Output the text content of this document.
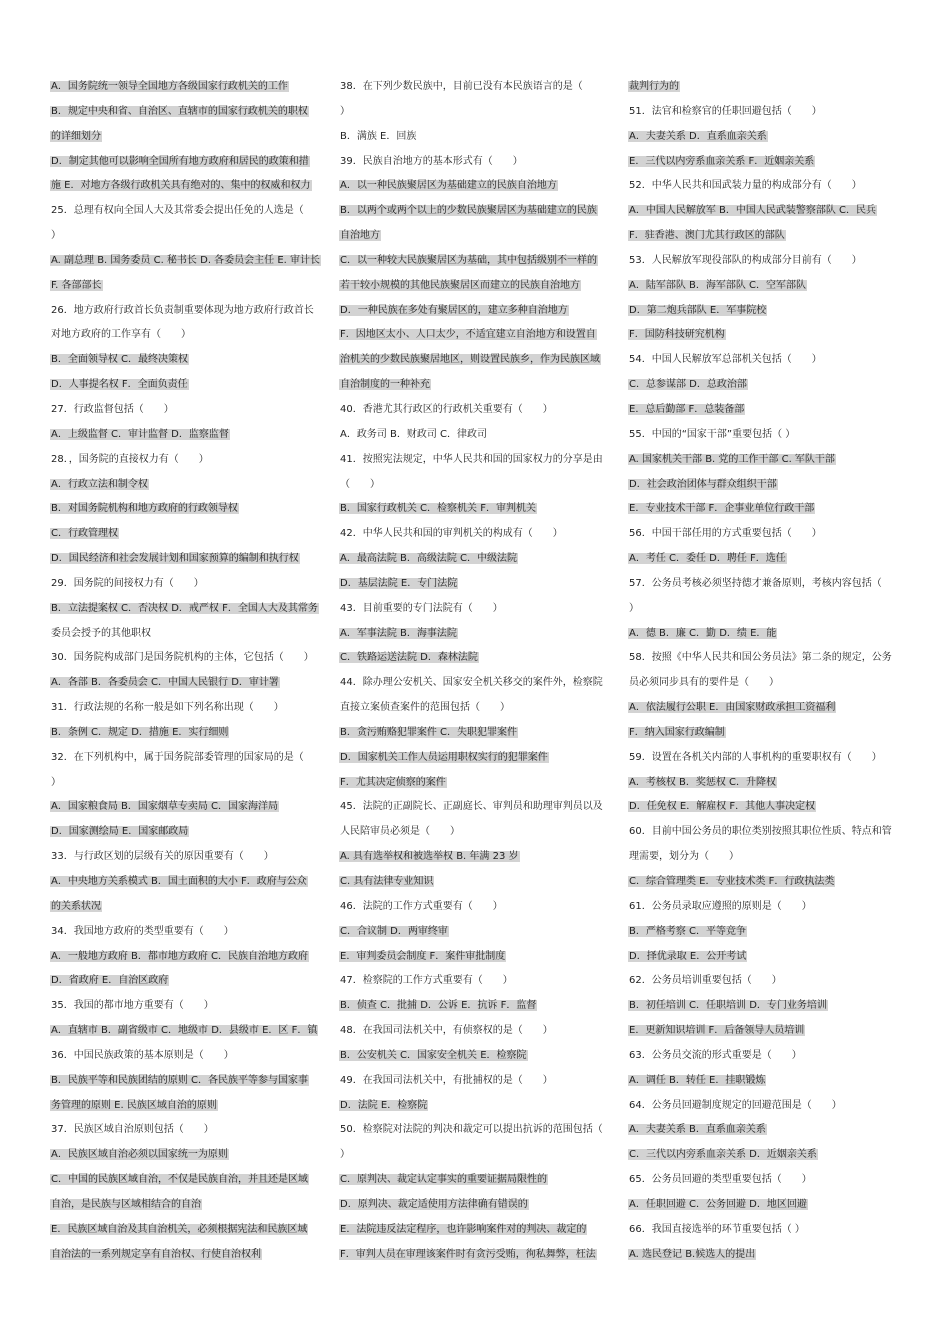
A．国务院统一领导全国地方各级国家行政机关的工作
B．规定中央和省、自治区、直辖市的国家行政机关的职权
的详细划分
D．制定其他可以影响全国所有地方政府和居民的政策和措
施 E．对地方各级行政机关具有绝对的、集中的权威和权力
25．总理有权向全国人大及其常委会提出任免的人选是（
）
A. 副总理 B. 国务委员 C. 秘书长 D. 各委员会主任 E. 审计长
F. 各部部长
26．地方政府行政首长负责制重要体现为地方政府行政首长
对地方政府的工作享有（　　）
B．全面领导权 C．最终决策权
D．人事提名权 F．全面负责任
27．行政监督包括（　　）
A．上级监督 C．审计监督 D．监察监督
28．，国务院的直接权力有（　　）
A．行政立法和制令权
B．对国务院机构和地方政府的行政领导权
C．行政管理权
D．国民经济和社会发展计划和国家预算的编制和执行权
29．国务院的间接权力有（　　）
B．立法提案权 C．否决权 D．戒严权 F．全国人大及其常务
委员会授予的其他职权
30．国务院构成部门是国务院机构的主体，它包括（　　）
A．各部 B．各委员会 C．中国人民银行 D．审计署
31．行政法规的名称一般是如下列名称出现（　　）
B．条例 C．规定 D．措施 E．实行细则
32．在下列机构中，属于国务院部委管理的国家局的是（
）
A．国家粮食局 B．国家烟草专卖局 C．国家海洋局
D．国家测绘局 E．国家邮政局
33．与行政区划的层级有关的原因重要有（　　）
A．中央地方关系模式 B．国土面积的大小 F．政府与公众
的关系状况
34．我国地方政府的类型重要有（　　）
A．一般地方政府 B．都市地方政府 C．民族自治地方政府
D．省政府 E．自治区政府
35．我国的都市地方重要有（　　）
A．直辖市 B．副省级市 C．地级市 D．县级市 E．区 F．镇
36．中国民族政策的基本原则是（　　）
B．民族平等和民族团结的原则 C．各民族平等参与国家事
务管理的原则 E. 民族区域自治的原则
37．民族区域自治原则包括（　　）
A．民族区域自治必须以国家统一为原则
C．中国的民族区域自治，不仅是民族自治，并且还是区域
自治，是民族与区域相结合的自治
E．民族区域自治及其自治机关，必须根据宪法和民族区域
自治法的一系列规定享有自治权、行使自治权利
38．在下列少数民族中，目前已没有本民族语言的是（
）
B．满族 E．回族
39．民族自治地方的基本形式有（　　）
A．以一种民族聚居区为基础建立的民族自治地方
B．以两个或两个以上的少数民族聚居区为基础建立的民族
自治地方
C．以一种较大民族聚居区为基础，其中包括级别不一样的
若干较小规模的其他民族聚居区而建立的民族自治地方
D．一种民族在多处有聚居区的，建立多种自治地方
F．因地区太小、人口太少，不适宜建立自治地方和设置自
治机关的少数民族聚居地区，则设置民族乡，作为民族区域
自治制度的一种补充
40．香港尤其行政区的行政机关重要有（　　）
A．政务司 B．财政司 C．律政司
41．按照宪法规定，中华人民共和国的国家权力的分享是由
（　　）
B．国家行政机关 C．检察机关 F．审判机关
42．中华人民共和国的审判机关的构成有（　　）
A．最高法院 B．高级法院 C．中级法院
D．基层法院 E．专门法院
43．目前重要的专门法院有（　　）
A．军事法院 B．海事法院
C．铁路运送法院 D．森林法院
44．除办理公安机关、国家安全机关移交的案件外，检察院
直接立案侦查案件的范围包括（　　）
B．贪污贿赂犯罪案件 C．失职犯罪案件
D．国家机关工作人员运用职权实行的犯罪案件
F．尤其决定侦察的案件
45．法院的正副院长、正副庭长、审判员和助理审判员以及
人民陪审员必须是（　　）
A. 具有选举权和被选举权 B. 年满 23 岁
C. 具有法律专业知识
46．法院的工作方式重要有（　　）
C．合议制 D．两审终审
E．审判委员会制度 F．案件审批制度
47．检察院的工作方式重要有（　　）
B．侦查 C．批捕 D．公诉 E．抗诉 F．监督
48．在我国司法机关中，有侦察权的是（　　）
B．公安机关 C．国家安全机关 E．检察院
49．在我国司法机关中，有批捕权的是（　　）
D．法院 E．检察院
50．检察院对法院的判决和裁定可以提出抗诉的范围包括（
）
C．原判决、裁定认定事实的重要证据局限性的
D．原判决、裁定适使用方法律确有错误的
E．法院违反法定程序，也许影响案件对的判决、裁定的
F．审判人员在审理该案件时有贪污受贿，徇私舞弊，枉法
裁判行为的
51．法官和检察官的任职回避包括（　　）
A．夫妻关系 D．直系血亲关系
E．三代以内旁系血亲关系 F．近姻亲关系
52．中华人民共和国武装力量的构成部分有（　　）
A．中国人民解放军 B．中国人民武装警察部队 C．民兵
F．驻香港、澳门尤其行政区的部队
53．人民解放军现役部队的构成部分目前有（　　）
A．陆军部队 B．海军部队 C．空军部队
D．第二炮兵部队 E．军事院校
F．国防科技研究机构
54．中国人民解放军总部机关包括（　　）
C．总参谋部 D．总政治部
E．总后勤部 F．总装备部
55．中国的“国家干部”重要包括（ ）
A. 国家机关干部 B. 党的工作干部 C. 军队干部
D．社会政治团体与群众组织干部
E．专业技术干部 F．企事业单位行政干部
56．中国干部任用的方式重要包括（　　）
A．考任 C．委任 D．聘任 F．选任
57．公务员考核必须坚持德才兼备原则，考核内容包括（
）
A．德 B．廉 C．勤 D．绩 E．能
58．按照《中华人民共和国公务员法》第二条的规定，公务
员必须同步具有的要件是（　　）
A．依法履行公职 E．由国家财政承担工资福利
F．纳入国家行政编制
59．设置在各机关内部的人事机构的重要职权有（　　）
A．考核权 B．奖惩权 C．升降权
D．任免权 E．解雇权 F．其他人事决定权
60．目前中国公务员的职位类别按照其职位性质、特点和管
理需要，划分为（　　）
C．综合管理类 E．专业技术类 F．行政执法类
61．公务员录取应遵照的原则是（　　）
B．严格考察 C．平等竞争
D．择优录取 E．公开考试
62．公务员培训重要包括（　　）
B．初任培训 C．任职培训 D．专门业务培训
E．更新知识培训 F．后备领导人员培训
63．公务员交流的形式重要是（　　）
A．调任 B．转任 E．挂职锻炼
64．公务员回避制度规定的回避范围是（　　）
A．夫妻关系 B．直系血亲关系
C．三代以内旁系血亲关系 D．近姻亲关系
65．公务员回避的类型重要包括（　　）
A．任职回避 C．公务回避 D．地区回避
66．我国直接选举的环节重要包括（ ）
A. 选民登记 B.候选人的提出
